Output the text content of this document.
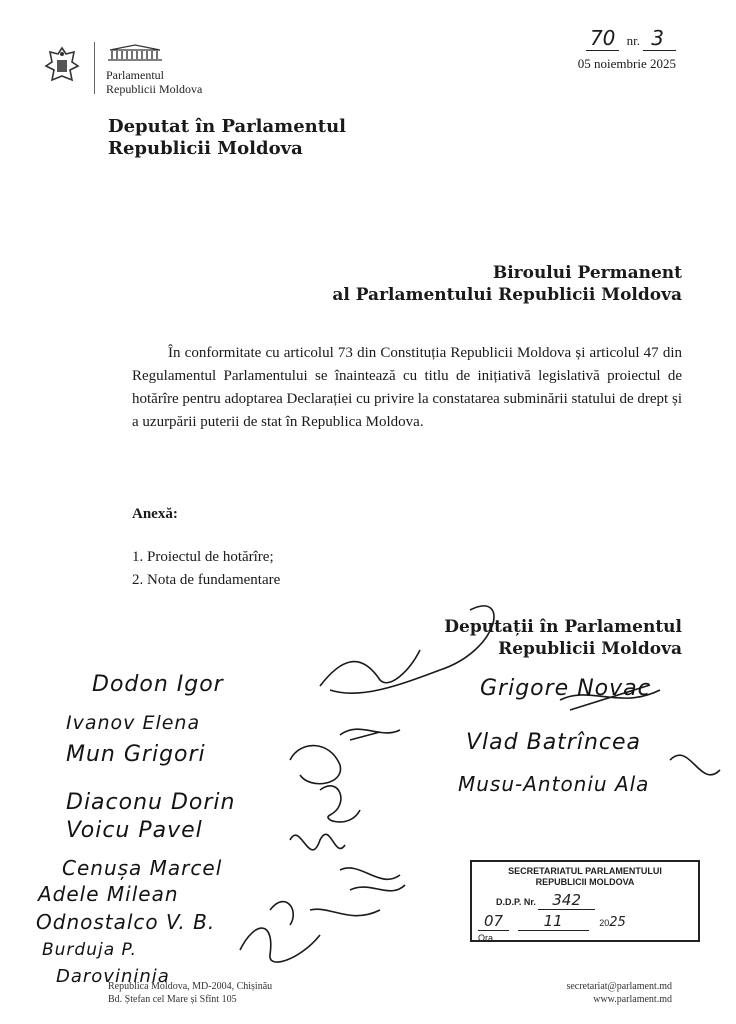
Parlamentul
Republicii Moldova
70 nr. 3
05 noiembrie 2025
Deputat în Parlamentul
Republicii Moldova
Biroului Permanent
al Parlamentului Republicii Moldova
În conformitate cu articolul 73 din Constituția Republicii Moldova și articolul 47 din Regulamentul Parlamentului se înaintează cu titlu de inițiativă legislativă proiectul de hotărîre pentru adoptarea Declarației cu privire la constatarea subminării statului de drept și a uzurpării puterii de stat în Republica Moldova.
Anexă:
1. Proiectul de hotărîre;
2. Nota de fundamentare
Deputații în Parlamentul
Republicii Moldova
Dodon Igor
Ivanov Elena
Mun Grigori
Diaconu Dorin
Voicu Pavel
Cenușa Marcel
Adele Milean
Odnostalco V. B.
Burduja P.
Darovininia
Grigore Novac
Vlad Batrîncea
Musu-Antoniu Ala
SECRETARIATUL PARLAMENTULUI
REPUBLICII MOLDOVA
D.D.P. Nr. 342
07	11	2025
Ora
Republica Moldova, MD-2004, Chișinău
Bd. Ștefan cel Mare și Sfînt 105
secretariat@parlament.md
www.parlament.md
